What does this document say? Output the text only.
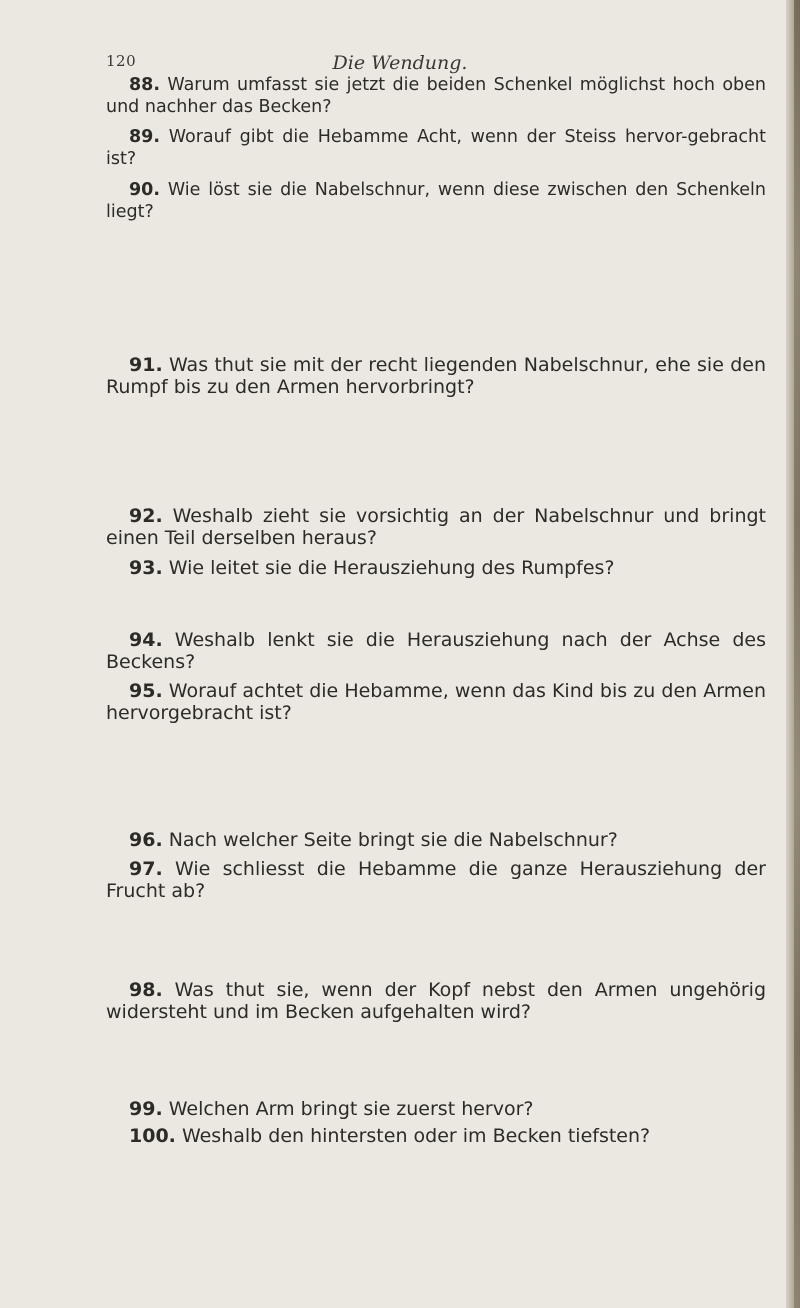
120	Die Wendung.
88. Warum umfasst sie jetzt die beiden Schenkel möglichst hoch oben und nachher das Becken?
89. Worauf gibt die Hebamme Acht, wenn der Steiss hervor-gebracht ist?
90. Wie löst sie die Nabelschnur, wenn diese zwischen den Schenkeln liegt?
91. Was thut sie mit der recht liegenden Nabelschnur, ehe sie den Rumpf bis zu den Armen hervorbringt?
92. Weshalb zieht sie vorsichtig an der Nabelschnur und bringt einen Teil derselben heraus?
93. Wie leitet sie die Herausziehung des Rumpfes?
94. Weshalb lenkt sie die Herausziehung nach der Achse des Beckens?
95. Worauf achtet die Hebamme, wenn das Kind bis zu den Armen hervorgebracht ist?
96. Nach welcher Seite bringt sie die Nabelschnur?
97. Wie schliesst die Hebamme die ganze Herausziehung der Frucht ab?
98. Was thut sie, wenn der Kopf nebst den Armen ungehörig widersteht und im Becken aufgehalten wird?
99. Welchen Arm bringt sie zuerst hervor?
100. Weshalb den hintersten oder im Becken tiefsten?
